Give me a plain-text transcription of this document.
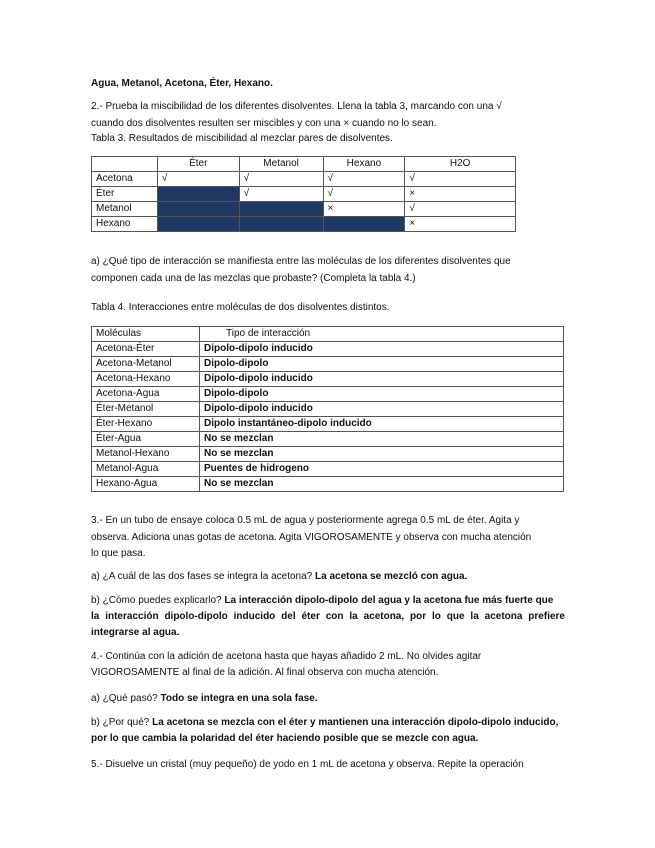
Agua, Metanol, Acetona, Éter, Hexano.
2.- Prueba la miscibilidad de los diferentes disolventes. Llena la tabla 3, marcando con una √
cuando dos disolventes resulten ser miscibles y con una × cuando no lo sean.
Tabla 3. Resultados de miscibilidad al mezclar pares de disolventes.
	Éter	Metanol	Hexano	H2O
Acetona	√	√	√	√
Éter		√	√	×
Metanol			×	√
Hexano				×
a) ¿Qué tipo de interacción se manifiesta entre las moléculas de los diferentes disolventes que
componen cada una de las mezclas que probaste? (Completa la tabla 4.)
Tabla 4. Interacciones entre moléculas de dos disolventes distintos.
Moléculas	Tipo de interacción
Acetona-Éter	Dipolo-dipolo inducido
Acetona-Metanol	Dipolo-dipolo
Acetona-Hexano	Dipolo-dipolo inducido
Acetona-Agua	Dipolo-dipolo
Éter-Metanol	Dipolo-dipolo inducido
Éter-Hexano	Dipolo instantáneo-dipolo inducido
Éter-Agua	No se mezclan
Metanol-Hexano	No se mezclan
Metanol-Agua	Puentes de hidrogeno
Hexano-Agua	No se mezclan
3.- En un tubo de ensaye coloca 0.5 mL de agua y posteriormente agrega 0.5 mL de éter. Agita y
observa. Adiciona unas gotas de acetona. Agita VIGOROSAMENTE y observa con mucha atención
lo que pasa.
a) ¿A cuál de las dos fases se integra la acetona? La acetona se mezcló con agua.
b) ¿Cómo puedes explicarlo? La interacción dipolo-dipolo del agua y la acetona fue más fuerte que
la interacción dipolo-dipolo inducido del éter con la acetona, por lo que la acetona prefiere
integrarse al agua.
4.- Continúa con la adición de acetona hasta que hayas añadido 2 mL. No olvides agitar
VIGOROSAMENTE al final de la adición. Al final observa con mucha atención.
a) ¿Qué pasó? Todo se integra en una sola fase.
b) ¿Por qué? La acetona se mezcla con el éter y mantienen una interacción dipolo-dipolo inducido,
por lo que cambia la polaridad del éter haciendo posible que se mezcle con agua.
5.- Disuelve un cristal (muy pequeño) de yodo en 1 mL de acetona y observa. Repite la operación
